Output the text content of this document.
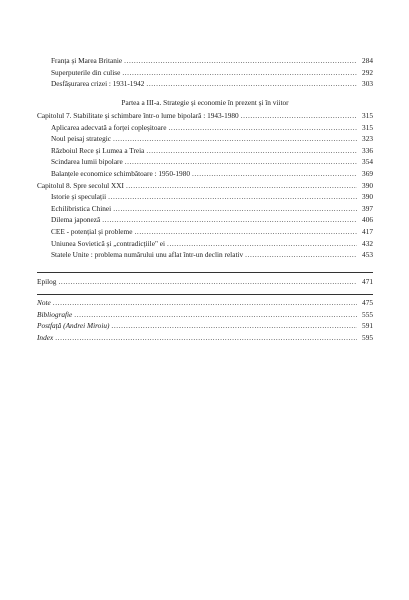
Franța și Marea Britanie .....	284
Superputerile din culise .....	292
Desfășurarea crizei : 1931-1942 .....	303
Partea a III-a. Strategie și economie în prezent și în viitor
Capitolul 7. Stabilitate și schimbare într-o lume bipolară : 1943-1980 .....	315
Aplicarea adecvată a forței copleșitoare .....	315
Noul peisaj strategic .....	323
Războiul Rece și Lumea a Treia .....	336
Scindarea lumii bipolare .....	354
Balanțele economice schimbătoare : 1950-1980 .....	369
Capitolul 8. Spre secolul XXI .....	390
Istorie și speculații .....	390
Echilibristica Chinei .....	397
Dilema japoneză .....	406
CEE - potențial și probleme .....	417
Uniunea Sovietică și „contradicțiile" ei .....	432
Statele Unite : problema numărului unu aflat într-un declin relativ .....	453
Epilog .....	471
Note .....	475
Bibliografie .....	555
Postfață (Andrei Miroiu) .....	591
Index .....	595
